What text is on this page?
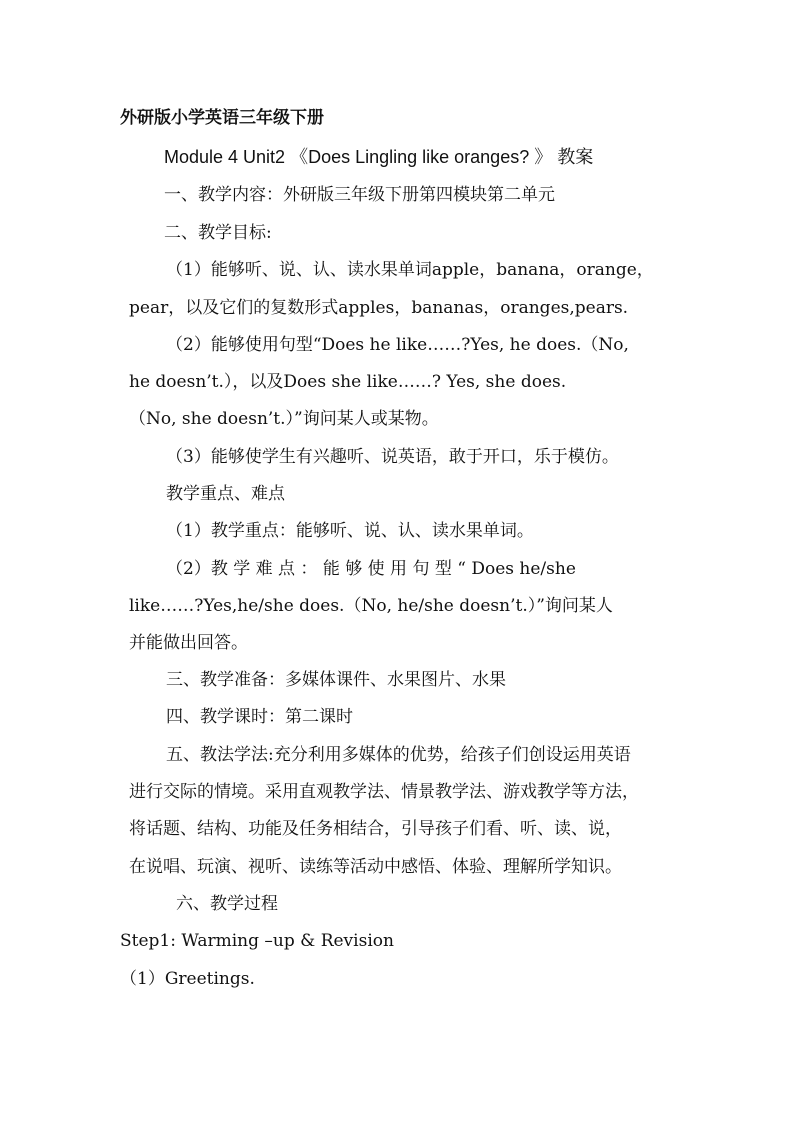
外研版小学英语三年级下册
Module 4 Unit2 《Does Lingling like oranges? 》 教案
一、教学内容：外研版三年级下册第四模块第二单元
二、教学目标:
（1）能够听、说、认、读水果单词apple，banana，orange，
pear，以及它们的复数形式apples，bananas，oranges,pears.
（2）能够使用句型“Does he like……?Yes, he does.（No,
he doesn’t.），以及Does she like……? Yes, she does.
（No, she doesn’t.）”询问某人或某物。
（3）能够使学生有兴趣听、说英语，敢于开口，乐于模仿。
教学重点、难点
（1）教学重点：能够听、说、认、读水果单词。
（2）教 学 难 点 ： 能 够 使 用 句 型 “ Does he/she
like……?Yes,he/she does.（No, he/she doesn’t.）”询问某人
并能做出回答。
三、教学准备：多媒体课件、水果图片、水果
四、教学课时：第二课时
五、教法学法:充分利用多媒体的优势，给孩子们创设运用英语
进行交际的情境。采用直观教学法、情景教学法、游戏教学等方法，
将话题、结构、功能及任务相结合，引导孩子们看、听、读、说，
在说唱、玩演、视听、读练等活动中感悟、体验、理解所学知识。
六、教学过程
Step1: Warming –up & Revision
（1）Greetings.
